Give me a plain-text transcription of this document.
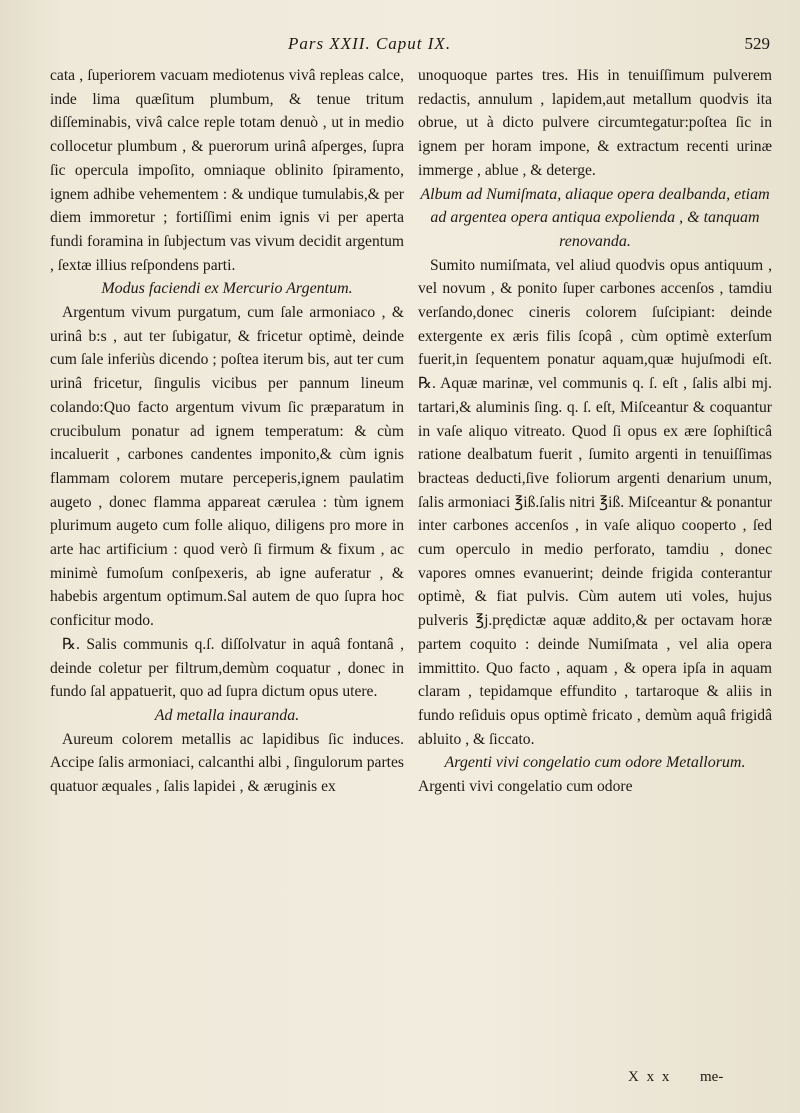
Pars XXII. Caput IX.	529

cata , ſuperiorem vacuam mediotenus vivâ repleas calce, inde lima quæſitum plumbum, & tenue tritum diſſeminabis, vivâ calce reple totam denuò , ut in medio collocetur plumbum , & puerorum urinâ aſperges, ſupra ſic opercula impoſito, omniaque oblinito ſpiramento, ignem adhibe vehementem : & undique tumulabis,& per diem immoretur ; fortiſſimi enim ignis vi per aperta fundi foramina in ſubjectum vas vivum decidit argentum , ſextæ illius reſpondens parti.

Modus faciendi ex Mercurio Argentum.

Argentum vivum purgatum, cum ſale armoniaco , & urinâ b:s , aut ter ſubigatur, & fricetur optimè, deinde cum ſale inferiùs dicendo ; poſtea iterum bis, aut ter cum urinâ fricetur, ſingulis vicibus per pannum lineum colando:Quo facto argentum vivum ſic præparatum in crucibulum ponatur ad ignem temperatum: & cùm incaluerit , carbones candentes imponito,& cùm ignis flammam colorem mutare perceperis,ignem paulatim augeto , donec flamma appareat cærulea : tùm ignem plurimum augeto cum folle aliquo, diligens pro more in arte hac artificium : quod verò ſi firmum & fixum , ac minimè fumoſum conſpexeris, ab igne auferatur , & habebis argentum optimum.Sal autem de quo ſupra hoc conficitur modo.

℞. Salis communis q.ſ. diſſolvatur in aquâ fontanâ , deinde coletur per filtrum,demùm coquatur , donec in fundo ſal appatuerit, quo ad ſupra dictum opus utere.

Ad metalla inauranda.

Aureum colorem metallis ac lapidibus ſic induces. Accipe ſalis armoniaci, calcanthi albi , ſingulorum partes quatuor æquales , ſalis lapidei , & æruginis ex

unoquoque partes tres. His in tenuiſſimum pulverem redactis, annulum , lapidem,aut metallum quodvis ita obrue, ut à dicto pulvere circumtegatur:poſtea ſic in ignem per horam impone, & extractum recenti urinæ immerge , ablue , & deterge.

Album ad Numiſmata, aliaque opera dealbanda, etiam ad argentea opera antiqua expolienda , & tanquam renovanda.

Sumito numiſmata, vel aliud quodvis opus antiquum , vel novum , & ponito ſuper carbones accenſos , tamdiu verſando,donec cineris colorem ſuſcipiant: deinde extergente ex æris filis ſcopâ , cùm optimè exterſum fuerit,in ſequentem ponatur aquam,quæ hujuſmodi eſt. ℞. Aquæ marinæ, vel communis q. ſ. eſt , ſalis albi mj. tartari,& aluminis ſing. q. ſ. eſt, Miſceantur & coquantur in vaſe aliquo vitreato. Quod ſi opus ex ære ſophiſticâ ratione dealbatum fuerit , ſumito argenti in tenuiſſimas bracteas deducti,ſive foliorum argenti denarium unum, ſalis armoniaci ℥iß.ſalis nitri ℥iß. Miſceantur & ponantur inter carbones accenſos , in vaſe aliquo cooperto , ſed cum operculo in medio perforato, tamdiu , donec vapores omnes evanuerint; deinde frigida conterantur optimè, & fiat pulvis. Cùm autem uti voles, hujus pulveris ℥j.prędictæ aquæ addito,& per octavam horæ partem coquito : deinde Numiſmata , vel alia opera immittito. Quo facto , aquam , & opera ipſa in aquam claram , tepidamque effundito , tartaroque & aliis in fundo reſiduis opus optimè fricato , demùm aquâ frigidâ abluito , & ſiccato.

Argenti vivi congelatio cum odore Metallorum.

Argenti vivi congelatio cum odore

X x x me-
